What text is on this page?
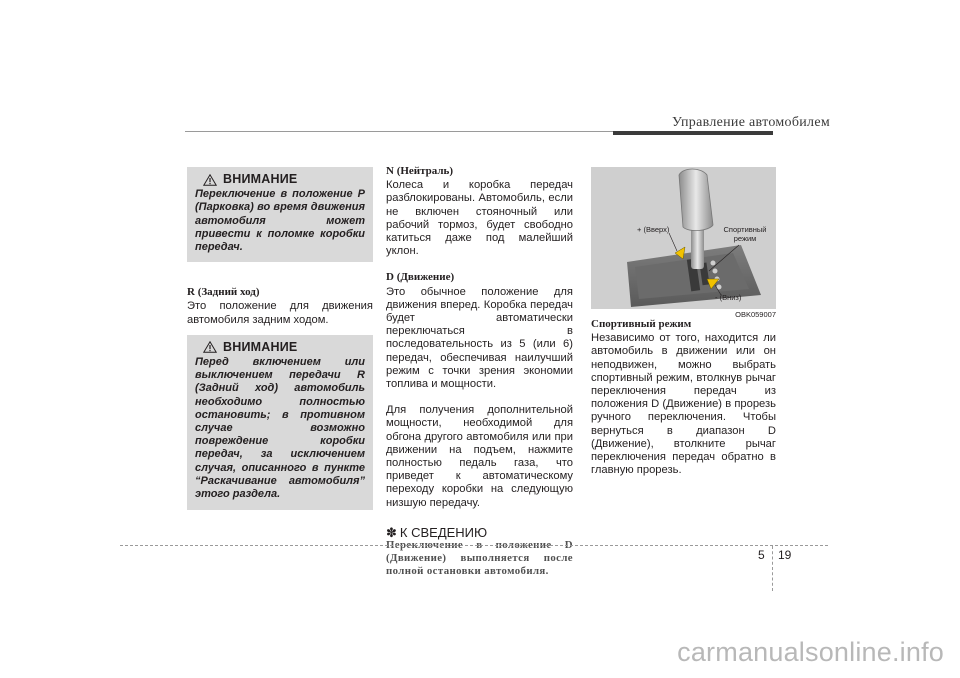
Управление автомобилем
ВНИМАНИЕ
Переключение в положение P (Парковка) во время движения автомобиля может привести к поломке коробки передач.
R (Задний ход)

Это положение для движения автомобиля задним ходом.

ВНИМАНИЕ
Перед включением или выключением передачи R (Задний ход) автомобиль необходимо полностью остановить; в противном случае возможно повреждение коробки передач, за исключением случая, описанного в пункте “Раскачивание автомобиля” этого раздела.
N (Нейтраль)

Колеса и коробка передач разблокированы. Автомобиль, если не включен стояночный или рабочий тормоз, будет свободно катиться даже под малейший уклон.

D (Движение)

Это обычное положение для движения вперед. Коробка передач будет автоматически переключаться в последовательность из 5 (или 6) передач, обеспечивая наилучший режим с точки зрения экономии топлива и мощности.

Для получения дополнительной мощности, необходимой для обгона другого автомобиля или при движении на подъем, нажмите полностью педаль газа, что приведет к автоматическому переходу коробки на следующую низшую передачу.

✽ К СВЕДЕНИЮ
Переключение в положение D (Движение) выполняется после полной остановки автомобиля.
+ (Вверх)	Спортивный режим
- (Вниз)
OBK059007
Спортивный режим

Независимо от того, находится ли автомобиль в движении или он неподвижен, можно выбрать спортивный режим, втолкнув рычаг переключения передач из положения D (Движение) в прорезь ручного переключения. Чтобы вернуться в диапазон D (Движение), втолкните рычаг переключения передач обратно в главную прорезь.

5 19
carmanualsonline.info
